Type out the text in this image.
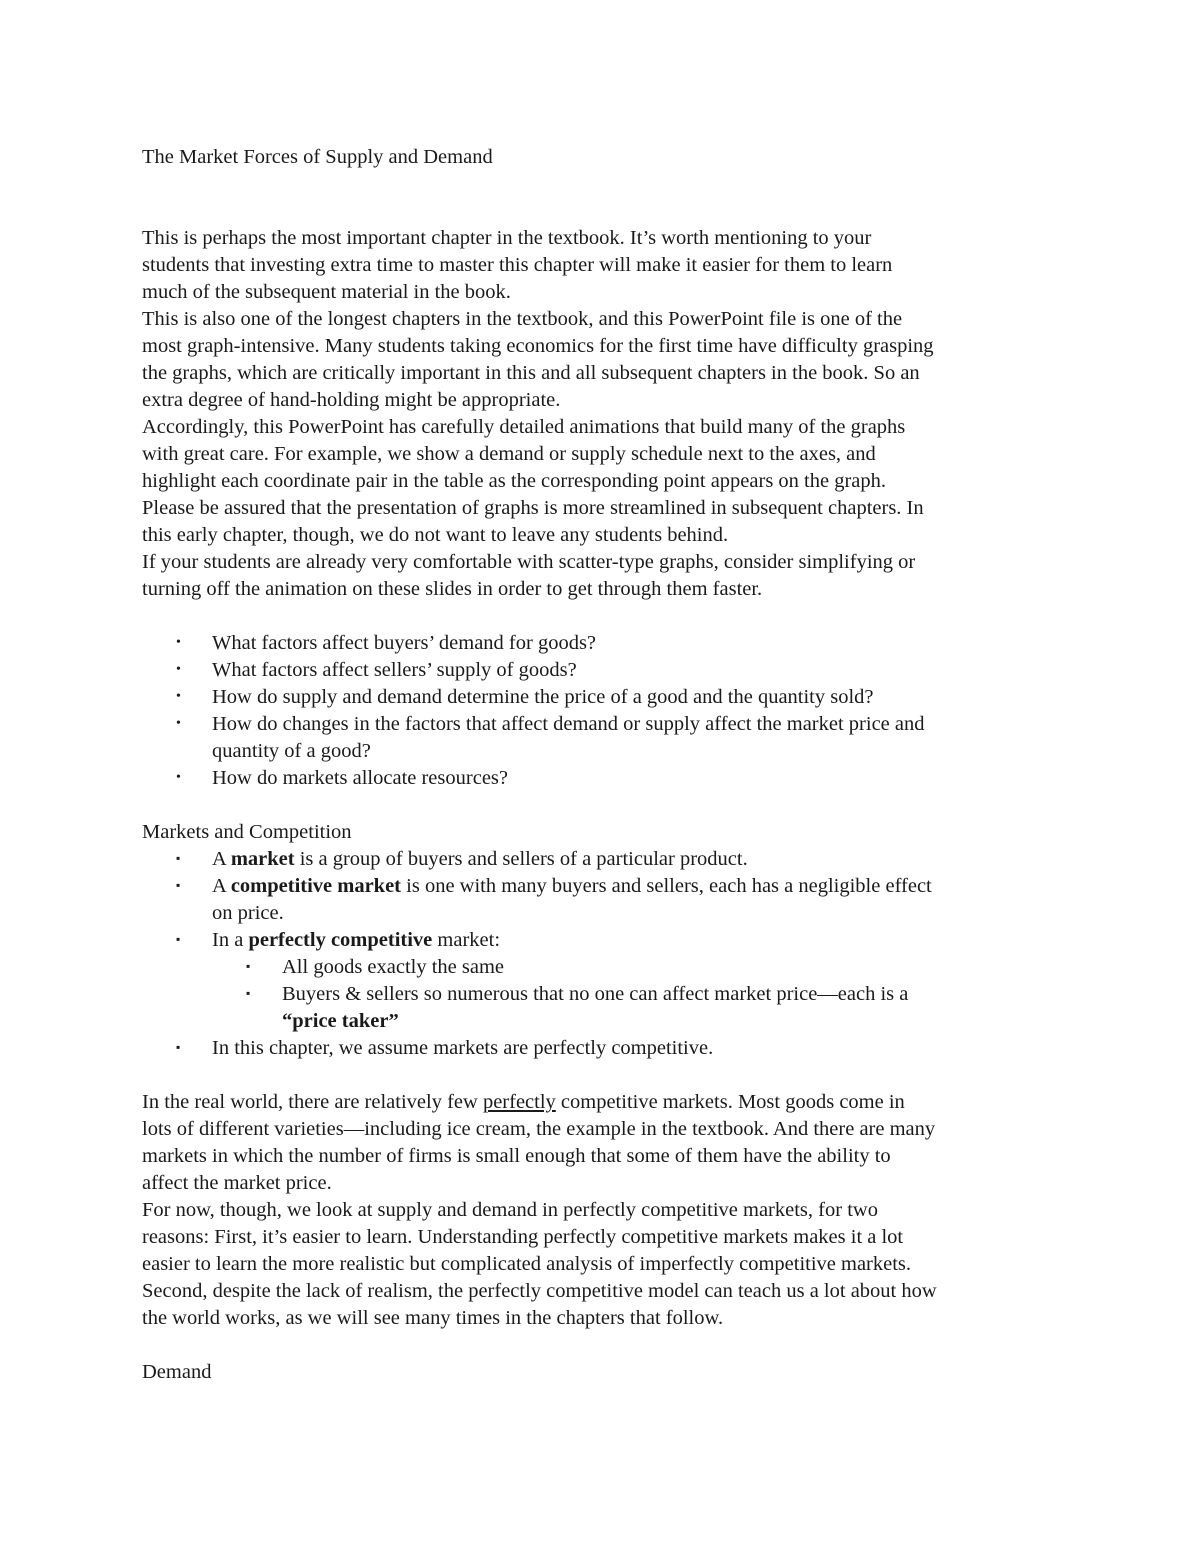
The Market Forces of Supply and Demand
This is perhaps the most important chapter in the textbook. It’s worth mentioning to your
students that investing extra time to master this chapter will make it easier for them to learn
much of the subsequent material in the book.
This is also one of the longest chapters in the textbook, and this PowerPoint file is one of the
most graph-intensive. Many students taking economics for the first time have difficulty grasping
the graphs, which are critically important in this and all subsequent chapters in the book. So an
extra degree of hand-holding might be appropriate.
Accordingly, this PowerPoint has carefully detailed animations that build many of the graphs
with great care. For example, we show a demand or supply schedule next to the axes, and
highlight each coordinate pair in the table as the corresponding point appears on the graph.
Please be assured that the presentation of graphs is more streamlined in subsequent chapters. In
this early chapter, though, we do not want to leave any students behind.
If your students are already very comfortable with scatter-type graphs, consider simplifying or
turning off the animation on these slides in order to get through them faster.
• What factors affect buyers’ demand for goods?
• What factors affect sellers’ supply of goods?
• How do supply and demand determine the price of a good and the quantity sold?
• How do changes in the factors that affect demand or supply affect the market price and
quantity of a good?
• How do markets allocate resources?
Markets and Competition
▪ A market is a group of buyers and sellers of a particular product.
▪ A competitive market is one with many buyers and sellers, each has a negligible effect
on price.
▪ In a perfectly competitive market:
▪ All goods exactly the same
▪ Buyers & sellers so numerous that no one can affect market price—each is a
“price taker”
▪ In this chapter, we assume markets are perfectly competitive.
In the real world, there are relatively few perfectly competitive markets. Most goods come in
lots of different varieties—including ice cream, the example in the textbook. And there are many
markets in which the number of firms is small enough that some of them have the ability to
affect the market price.
For now, though, we look at supply and demand in perfectly competitive markets, for two
reasons: First, it’s easier to learn. Understanding perfectly competitive markets makes it a lot
easier to learn the more realistic but complicated analysis of imperfectly competitive markets.
Second, despite the lack of realism, the perfectly competitive model can teach us a lot about how
the world works, as we will see many times in the chapters that follow.
Demand
